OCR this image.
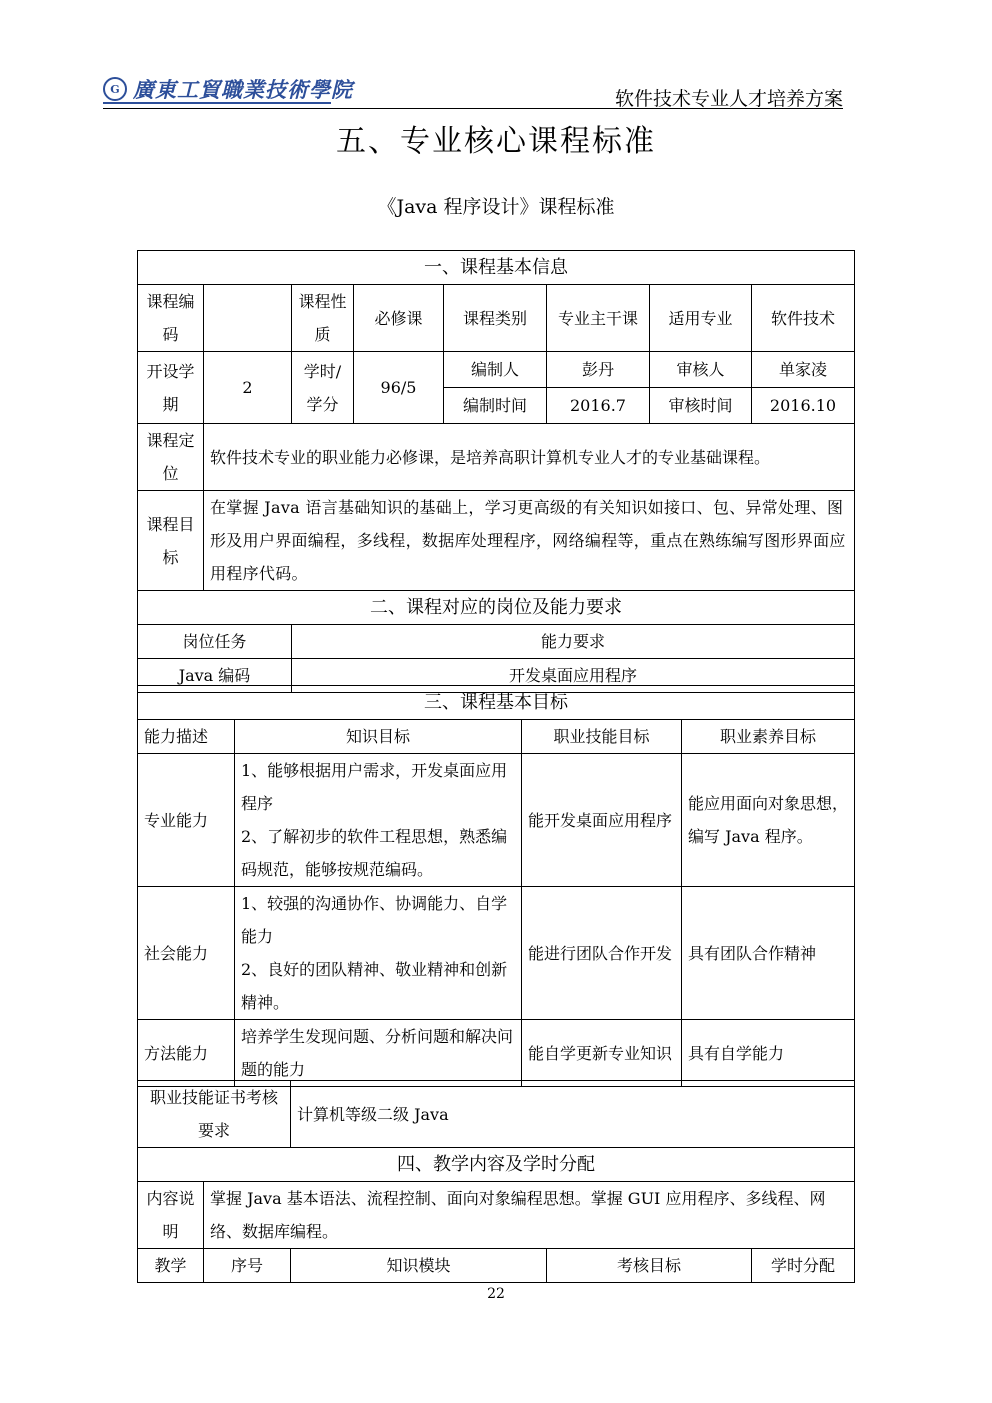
G 廣東工貿職業技術學院	软件技术专业人才培养方案
五、专业核心课程标准
《Java 程序设计》课程标准
一、课程基本信息							
课程编码		课程性质	必修课	课程类别	专业主干课	适用专业	软件技术
开设学期	2	学时/学分	96/5	编制人	彭丹	审核人	单家凌
				编制时间	2016.7	审核时间	2016.10
课程定位	软件技术专业的职业能力必修课，是培养高职计算机专业人才的专业基础课程。						
课程目标	在掌握 Java 语言基础知识的基础上，学习更高级的有关知识如接口、包、异常处理、图形及用户界面编程，多线程，数据库处理程序，网络编程等，重点在熟练编写图形界面应用程序代码。						
二、课程对应的岗位及能力要求							
岗位任务		能力要求					
Java 编码		开发桌面应用程序					
三、课程基本目标			
能力描述	知识目标	职业技能目标	职业素养目标
专业能力	1、能够根据用户需求，开发桌面应用程序
2、了解初步的软件工程思想，熟悉编码规范，能够按规范编码。	能开发桌面应用程序	能应用面向对象思想，编写 Java 程序。
社会能力	1、较强的沟通协作、协调能力、自学能力
2、良好的团队精神、敬业精神和创新精神。	能进行团队合作开发	具有团队合作精神
方法能力	培养学生发现问题、分析问题和解决问题的能力	能自学更新专业知识	具有自学能力
职业技能证书考核要求		计算机等级二级 Java		
四、教学内容及学时分配				
内容说明	掌握 Java 基本语法、流程控制、面向对象编程思想。掌握 GUI 应用程序、多线程、网络、数据库编程。			
教学	序号	知识模块	考核目标	学时分配
22
